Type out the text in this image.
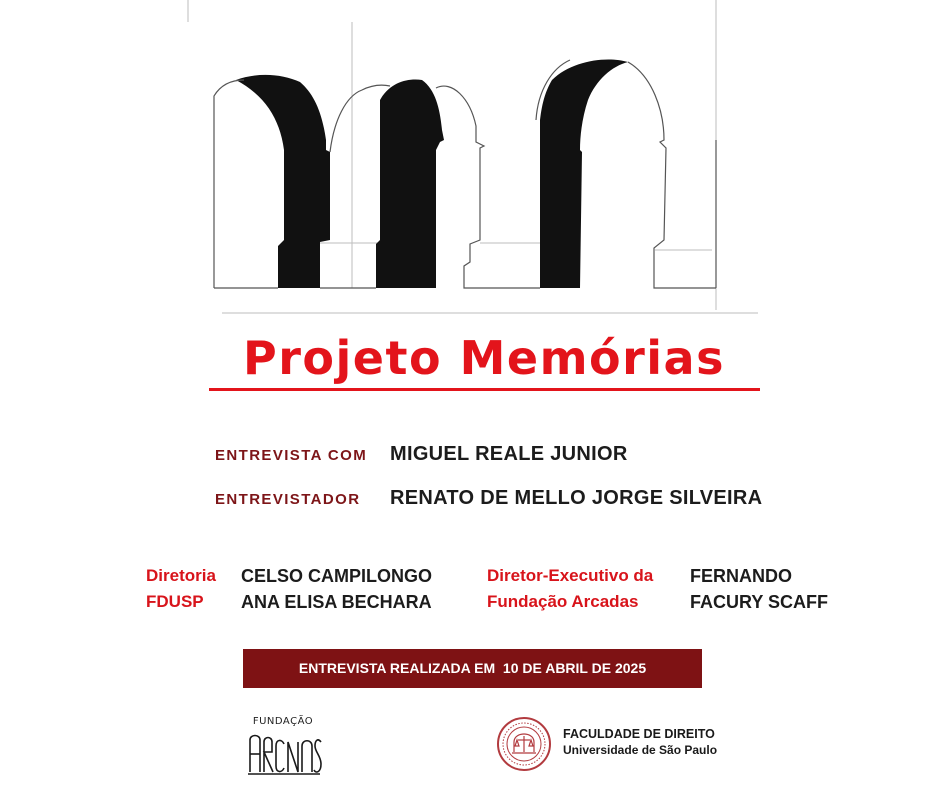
Projeto Memórias
ENTREVISTA COM MIGUEL REALE JUNIOR
ENTREVISTADOR RENATO DE MELLO JORGE SILVEIRA
Diretoria
FDUSP
CELSO CAMPILONGO
ANA ELISA BECHARA
Diretor-Executivo da
Fundação Arcadas
FERNANDO
FACURY SCAFF
ENTREVISTA REALIZADA EM  10 DE ABRIL DE 2025
FUNDAÇÃO
FACULDADE DE DIREITO
Universidade de São Paulo
